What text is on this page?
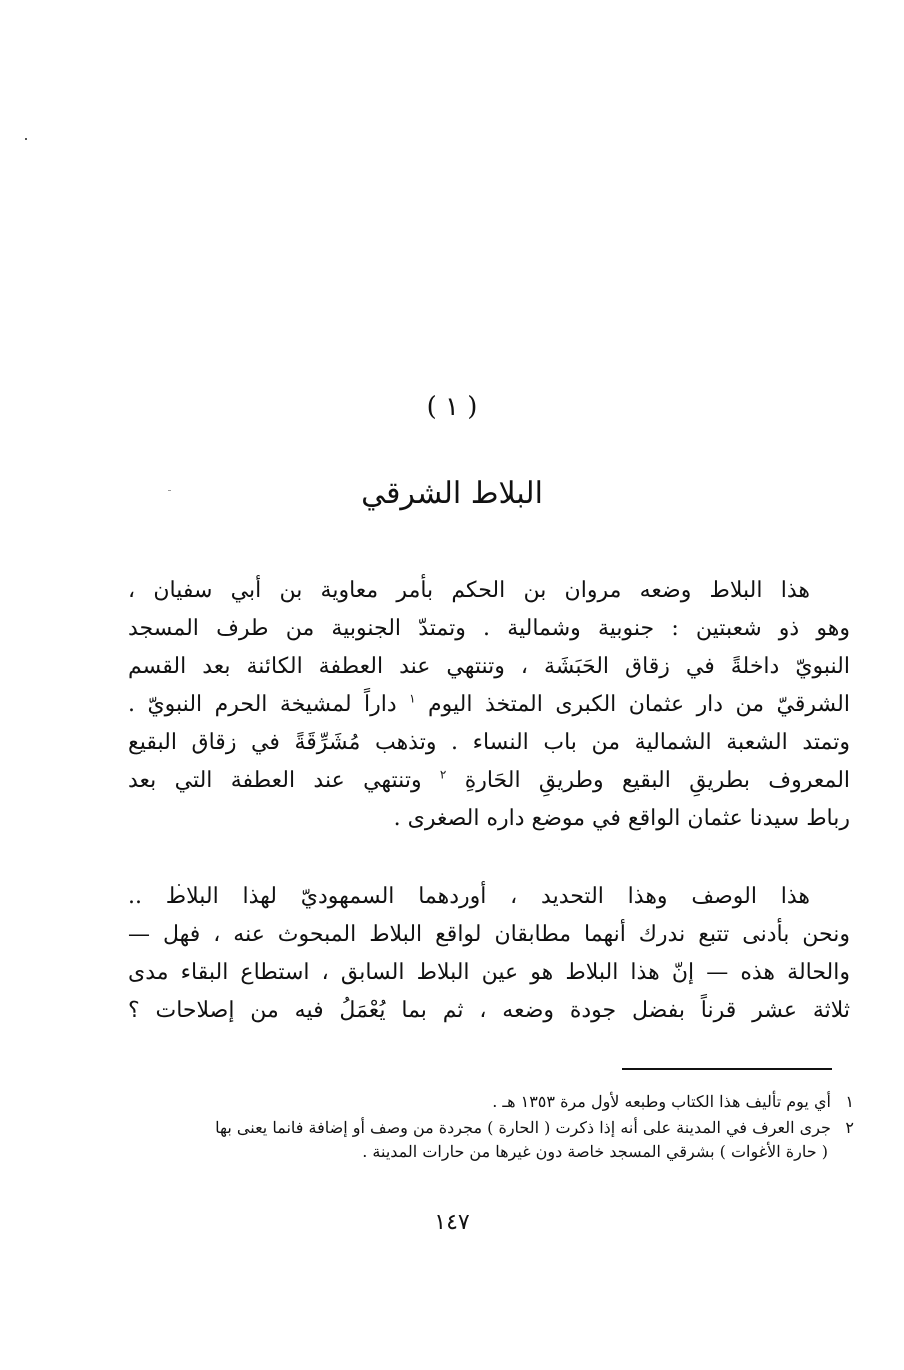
( ١ )
البلاط الشرقي
هذا البلاط وضعه مروان بن الحكم بأمر معاوية بن أبي سفيان ،
وهو ذو شعبتين : جنوبية وشمالية . وتمتدّ الجنوبية من طرف المسجد
النبويّ داخلةً في زقاق الحَبَشَة ، وتنتهي عند العطفة الكائنة بعد القسم
الشرقيّ من دار عثمان الكبرى المتخذ اليوم $^١$ داراً لمشيخة الحرم النبويّ .
وتمتد الشعبة الشمالية من باب النساء . وتذهب مُشَرِّقَةً في زقاق البقيع
المعروف بطريقِ البقيع وطريقِ الحَارةِ $^٢$ وتنتهي عند العطفة التي بعد
رباط سيدنا عثمان الواقع في موضع داره الصغرى .
هذا الوصف وهذا التحديد ، أوردهما السمهوديّ لهذا البلاط ..
ونحن بأدنى تتبع ندرك أنهما مطابقان لواقع البلاط المبحوث عنه ، فهل —
والحالة هذه — إنّ هذا البلاط هو عين البلاط السابق ، استطاع البقاء مدى
ثلاثة عشر قرناً بفضل جودة وضعه ، ثم بما يُعْمَلُ فيه من إصلاحات ؟
١ أي يوم تأليف هذا الكتاب وطبعه لأول مرة ١٣٥٣ هـ .
٢ جرى العرف في المدينة على أنه إذا ذكرت ( الحارة ) مجردة من وصف أو إضافة فانما يعنى بها
( حارة الأغوات ) بشرقي المسجد خاصة دون غيرها من حارات المدينة .
١٤٧
